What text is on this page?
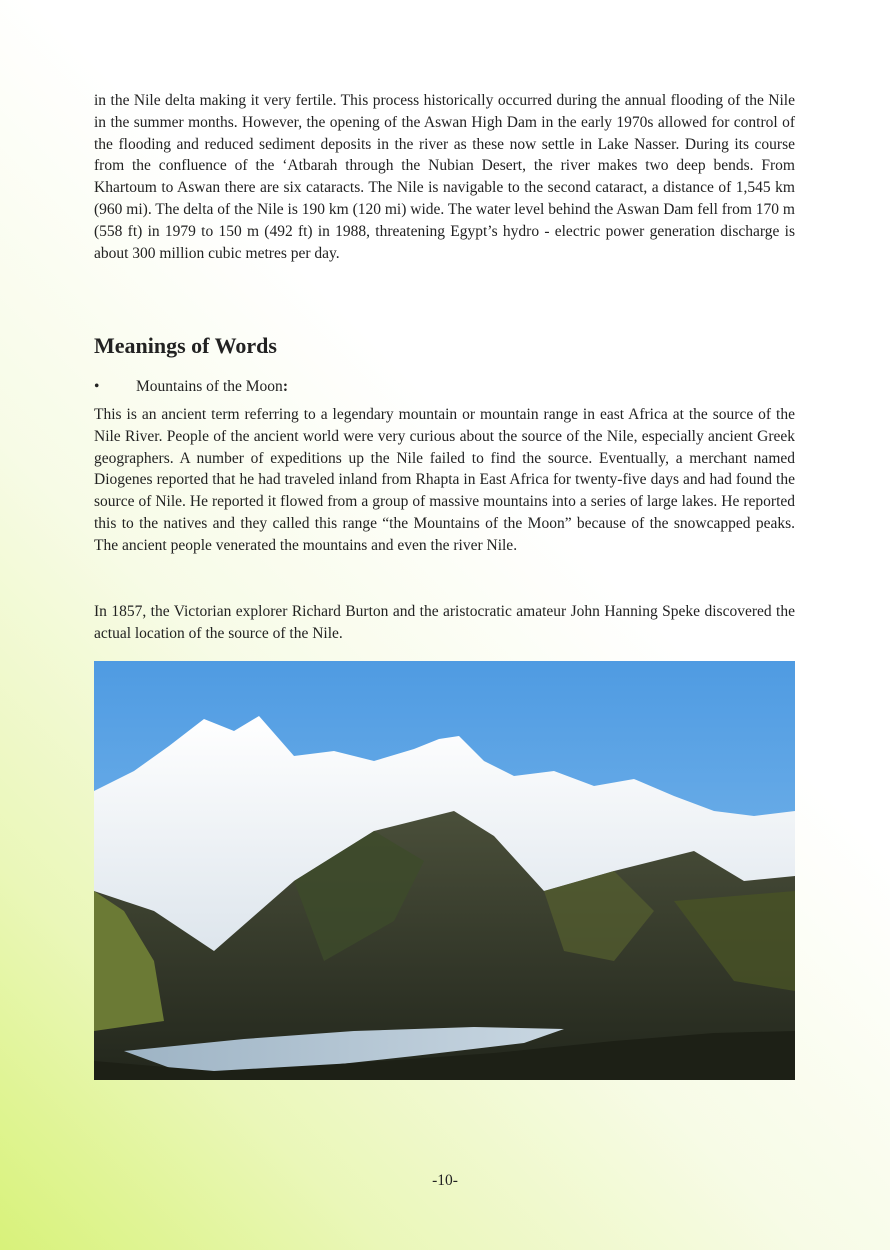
in the Nile delta making it very fertile. This process historically occurred during the annual flooding of the Nile in the summer months. However, the opening of the Aswan High Dam in the early 1970s allowed for control of the flooding and reduced sediment deposits in the river as these now settle in Lake Nasser. During its course from the confluence of the ‘Atbarah through the Nubian Desert, the river makes two deep bends. From Khartoum to Aswan there are six cataracts. The Nile is navigable to the second cataract, a distance of 1,545 km (960 mi). The delta of the Nile is 190 km (120 mi) wide. The water level behind the Aswan Dam fell from 170 m (558 ft) in 1979 to 150 m (492 ft) in 1988, threatening Egypt’s hydro - electric power generation discharge is about 300 million cubic metres per day.

Meanings of Words
•	Mountains of the Moon :

This is an ancient term referring to a legendary mountain or mountain range in east Africa at the source of the Nile River. People of the ancient world were very curious about the source of the Nile, especially ancient Greek geographers. A number of expeditions up the Nile failed to find the source. Eventually, a merchant named Diogenes reported that he had traveled inland from Rhapta in East Africa for twenty-five days and had found the source of Nile. He reported it flowed from a group of massive mountains into a series of large lakes. He reported this to the natives and they called this range “the Mountains of the Moon” because of the snowcapped peaks. The ancient people venerated the mountains and even the river Nile.

In 1857, the Victorian explorer Richard Burton and the aristocratic amateur John Hanning Speke discovered the actual location of the source of the Nile.

-10-
